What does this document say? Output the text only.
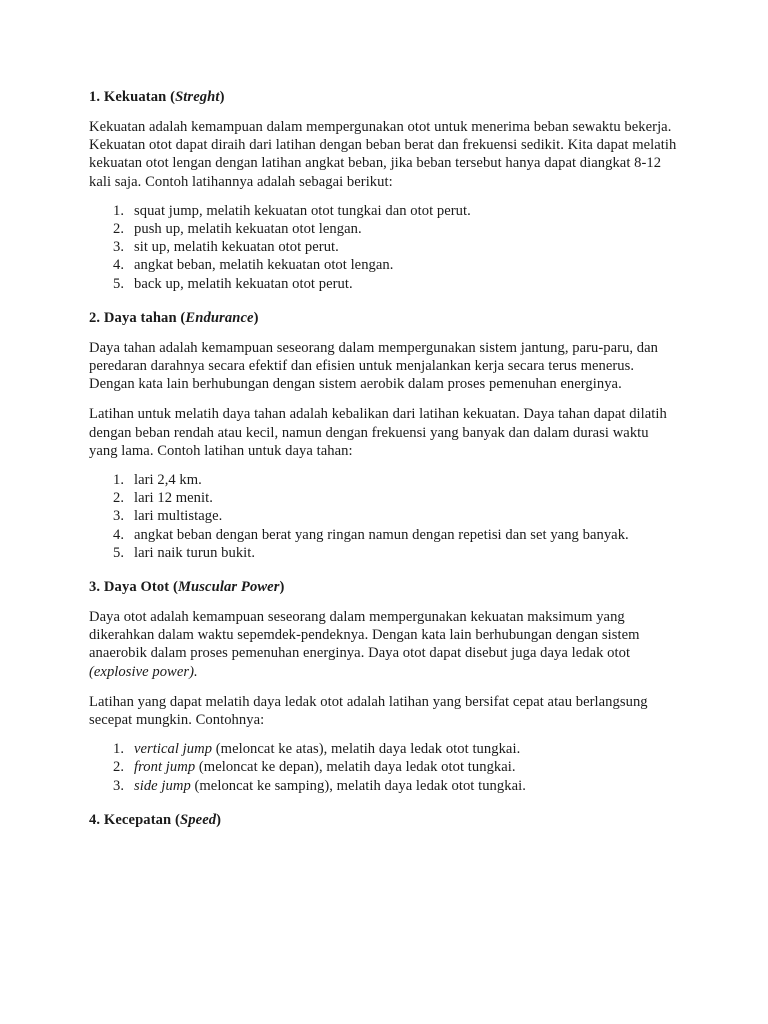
1. Kekuatan (Streght)

Kekuatan adalah kemampuan dalam mempergunakan otot untuk menerima beban sewaktu bekerja. Kekuatan otot dapat diraih dari latihan dengan beban berat dan frekuensi sedikit. Kita dapat melatih kekuatan otot lengan dengan latihan angkat beban, jika beban tersebut hanya dapat diangkat 8-12 kali saja. Contoh latihannya adalah sebagai berikut:

squat jump, melatih kekuatan otot tungkai dan otot perut.
push up, melatih kekuatan otot lengan.
sit up, melatih kekuatan otot perut.
angkat beban, melatih kekuatan otot lengan.
back up, melatih kekuatan otot perut.
2. Daya tahan (Endurance)

Daya tahan adalah kemampuan seseorang dalam mempergunakan sistem jantung, paru-paru, dan peredaran darahnya secara efektif dan efisien untuk menjalankan kerja secara terus menerus. Dengan kata lain berhubungan dengan sistem aerobik dalam proses pemenuhan energinya.

Latihan untuk melatih daya tahan adalah kebalikan dari latihan kekuatan. Daya tahan dapat dilatih dengan beban rendah atau kecil, namun dengan frekuensi yang banyak dan dalam durasi waktu yang lama. Contoh latihan untuk daya tahan:

lari 2,4 km.
lari 12 menit.
lari multistage.
angkat beban dengan berat yang ringan namun dengan repetisi dan set yang banyak.
lari naik turun bukit.
3. Daya Otot (Muscular Power)

Daya otot adalah kemampuan seseorang dalam mempergunakan kekuatan maksimum yang dikerahkan dalam waktu sepemdek-pendeknya. Dengan kata lain berhubungan dengan sistem anaerobik dalam proses pemenuhan energinya. Daya otot dapat disebut juga daya ledak otot (explosive power).

Latihan yang dapat melatih daya ledak otot adalah latihan yang bersifat cepat atau berlangsung secepat mungkin. Contohnya:

vertical jump (meloncat ke atas), melatih daya ledak otot tungkai.
front jump (meloncat ke depan), melatih daya ledak otot tungkai.
side jump (meloncat ke samping), melatih daya ledak otot tungkai.
4. Kecepatan (Speed)
